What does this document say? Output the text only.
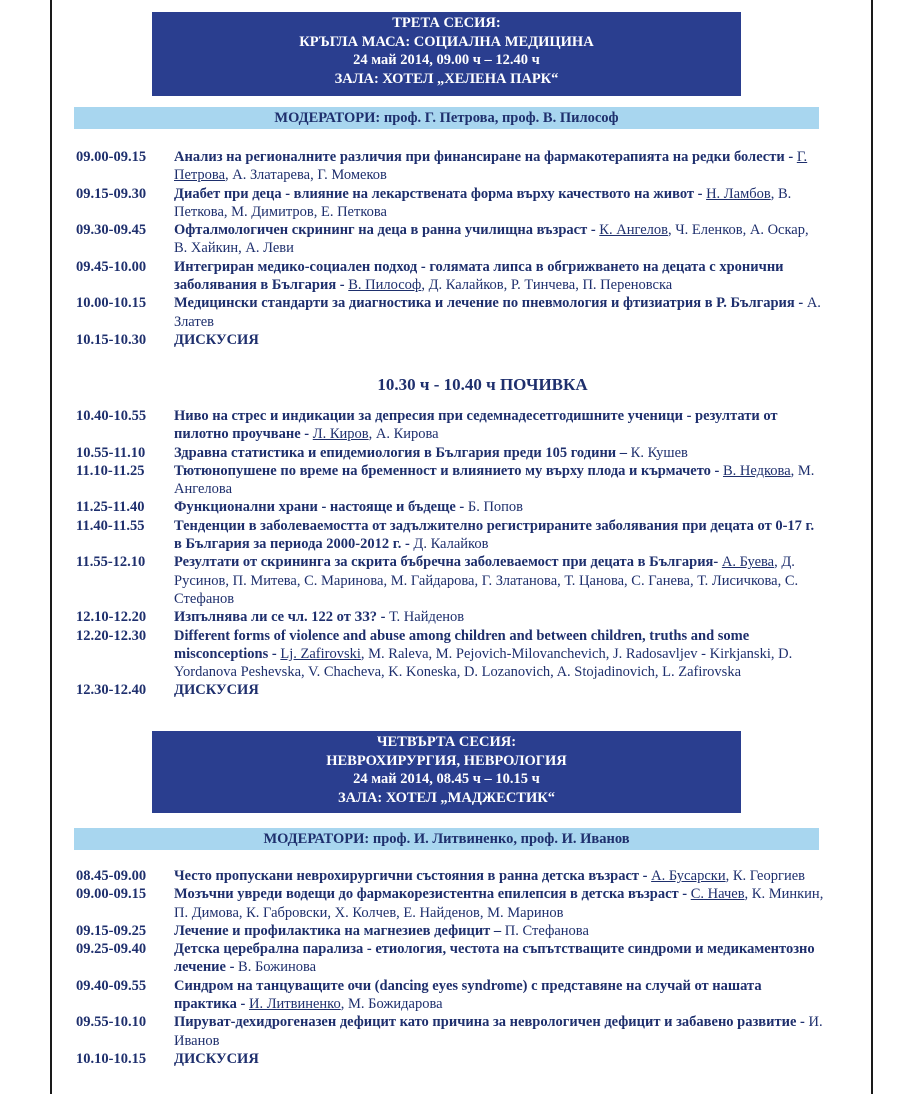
ТРЕТА СЕСИЯ:
КРЪГЛА МАСА: СОЦИАЛНА МЕДИЦИНА
24 май 2014, 09.00 ч – 12.40 ч
ЗАЛА: ХОТЕЛ „ХЕЛЕНА ПАРК“
МОДЕРАТОРИ: проф. Г. Петрова, проф. В. Пилософ
09.00-09.15	Анализ на регионалните различия при финансиране на фармакотерапията на редки болести - Г. Петрова, А. Златарева, Г. Момеков
09.15-09.30	Диабет при деца - влияние на лекарствената форма върху качеството на живот - Н. Ламбов, В. Петкова, М. Димитров, Е. Петкова
09.30-09.45	Офталмологичен скрининг на деца в ранна училищна възраст - К. Ангелов, Ч. Еленков, А. Оскар, В. Хайкин, А. Леви
09.45-10.00	Интегриран медико-социален подход - голямата липса в обгрижването на децата с хронични заболявания в България - В. Пилософ, Д. Калайков, Р. Тинчева, П. Переновска
10.00-10.15	Медицински стандарти за диагностика и лечение по пневмология и фтизиатрия в Р. България - А. Златев
10.15-10.30	ДИСКУСИЯ
10.30 ч - 10.40 ч ПОЧИВКА
10.40-10.55	Ниво на стрес и индикации за депресия при седемнадесетгодишните ученици - резултати от пилотно проучване - Л. Киров, А. Кирова
10.55-11.10	Здравна статистика и епидемиология в България преди 105 години – К. Кушев
11.10-11.25	Тютюнопушене по време на бременност и влиянието му върху плода и кърмачето - В. Недкова, М. Ангелова
11.25-11.40	Функционални храни - настояще и бъдеще - Б. Попов
11.40-11.55	Тенденции в заболеваемостта от задължително регистрираните заболявания при децата от 0-17 г. в България за периода 2000-2012 г. - Д. Калайков
11.55-12.10	Резултати от скрининга за скрита бъбречна заболеваемост при децата в България- А. Буева, Д. Русинов, П. Митева, С. Маринова, М. Гайдарова, Г. Златанова, Т. Цанова, С. Ганева, Т. Лисичкова, С. Стефанов
12.10-12.20	Изпълнява ли се чл. 122 от ЗЗ? - Т. Найденов
12.20-12.30	Different forms of violence and abuse among children and between children, truths and some misconceptions - Lj. Zafirovski, M. Raleva, M. Pejovich-Milovanchevich, J. Radosavljev - Kirkjanski, D. Yordanova Peshevska, V. Chacheva, K. Koneska, D. Lozanovich, A. Stojadinovich, L. Zafirovska
12.30-12.40	ДИСКУСИЯ
ЧЕТВЪРТА СЕСИЯ:
НЕВРОХИРУРГИЯ, НЕВРОЛОГИЯ
24 май 2014, 08.45 ч – 10.15 ч
ЗАЛА: ХОТЕЛ „МАДЖЕСТИК“
МОДЕРАТОРИ: проф. И. Литвиненко, проф. И. Иванов
08.45-09.00	Често пропускани неврохирургични състояния в ранна детска възраст - А. Бусарски, К. Георгиев
09.00-09.15	Мозъчни увреди водещи до фармакорезистентна епилепсия в детска възраст - С. Начев, К. Минкин, П. Димова, К. Габровски, Х. Колчев, Е. Найденов, М. Маринов
09.15-09.25	Лечение и профилактика на магнезиев дефицит – П. Стефанова
09.25-09.40	Детска церебрална парализа - етиология, честота на съпътстващите синдроми и медикаментозно лечение - В. Божинова
09.40-09.55	Синдром на танцуващите очи (dancing eyes syndrome) с представяне на случай от нашата практика - И. Литвиненко, М. Божидарова
09.55-10.10	Пируват-дехидрогеназен дефицит като причина за неврологичен дефицит и забавено развитие - И. Иванов
10.10-10.15	ДИСКУСИЯ
